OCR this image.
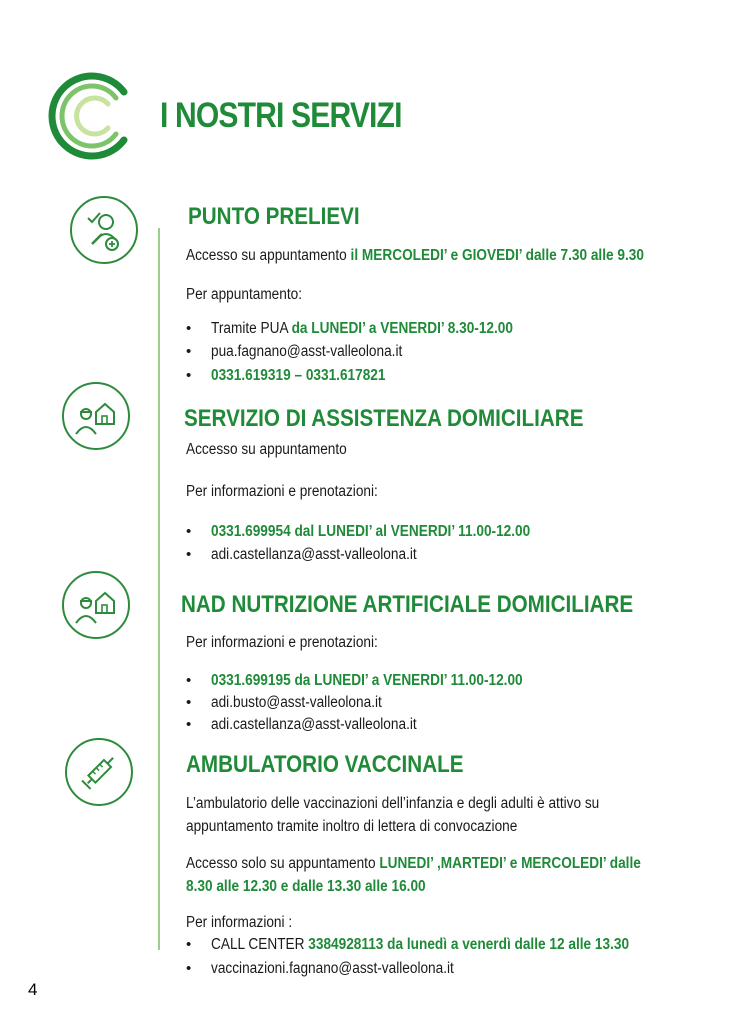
I NOSTRI SERVIZI
PUNTO PRELIEVI
Accesso su appuntamento il MERCOLEDI’ e GIOVEDI’ dalle 7.30 alle 9.30
Per appuntamento:
• Tramite PUA da LUNEDI’ a VENERDI’ 8.30-12.00
• pua.fagnano@asst-valleolona.it
• 0331.619319 – 0331.617821
SERVIZIO DI ASSISTENZA DOMICILIARE
Accesso su appuntamento
Per informazioni e prenotazioni:
• 0331.699954 dal LUNEDI’ al VENERDI’ 11.00-12.00
• adi.castellanza@asst-valleolona.it
NAD NUTRIZIONE ARTIFICIALE DOMICILIARE
Per informazioni e prenotazioni:
• 0331.699195 da LUNEDI’ a VENERDI’ 11.00-12.00
• adi.busto@asst-valleolona.it
• adi.castellanza@asst-valleolona.it
AMBULATORIO VACCINALE
L’ambulatorio delle vaccinazioni dell’infanzia e degli adulti è attivo su
appuntamento tramite inoltro di lettera di convocazione
Accesso solo su appuntamento LUNEDI’ ,MARTEDI’ e MERCOLEDI’ dalle
8.30 alle 12.30 e dalle 13.30 alle 16.00
Per informazioni :
• CALL CENTER 3384928113 da lunedì a venerdì dalle 12 alle 13.30
• vaccinazioni.fagnano@asst-valleolona.it
4
